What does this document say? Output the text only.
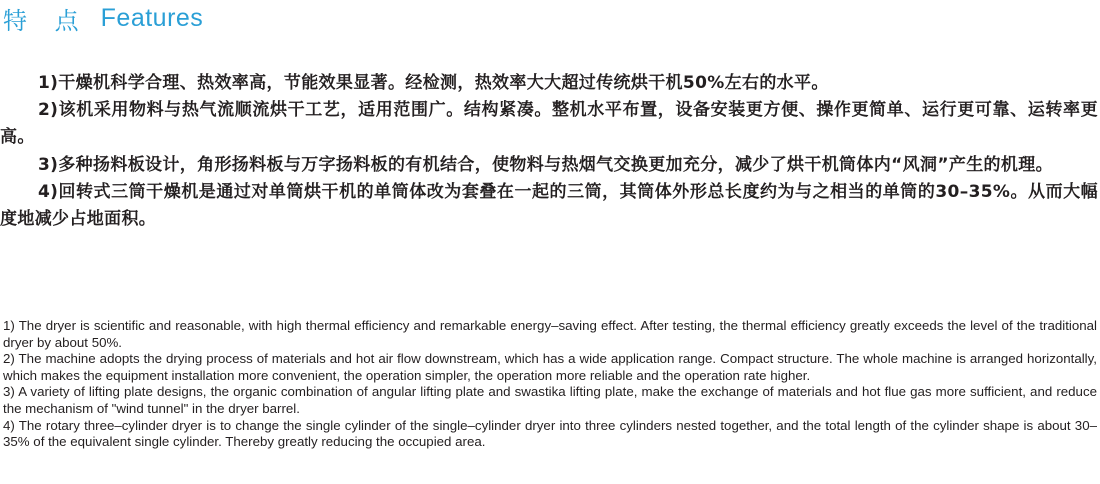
特 点 Features

1)干燥机科学合理、热效率高，节能效果显著。经检测，热效率大大超过传统烘干机50%左右的水平。

2)该机采用物料与热气流顺流烘干工艺，适用范围广。结构紧凑。整机水平布置，设备安装更方便、操作更简单、运行更可靠、运转率更高。

3)多种扬料板设计，角形扬料板与万字扬料板的有机结合，使物料与热烟气交换更加充分，减少了烘干机筒体内“风洞”产生的机理。

4)回转式三筒干燥机是通过对单筒烘干机的单筒体改为套叠在一起的三筒，其筒体外形总长度约为与之相当的单筒的30–35%。从而大幅度地减少占地面积。

1) The dryer is scientific and reasonable, with high thermal efficiency and remarkable energy–saving effect. After testing, the thermal efficiency greatly exceeds the level of the traditional dryer by about 50%.

2) The machine adopts the drying process of materials and hot air flow downstream, which has a wide application range. Compact structure. The whole machine is arranged horizontally, which makes the equipment installation more convenient, the operation simpler, the operation more reliable and the operation rate higher.

3) A variety of lifting plate designs, the organic combination of angular lifting plate and swastika lifting plate, make the exchange of materials and hot flue gas more sufficient, and reduce the mechanism of "wind tunnel" in the dryer barrel.

4) The rotary three–cylinder dryer is to change the single cylinder of the single–cylinder dryer into three cylinders nested together, and the total length of the cylinder shape is about 30–35% of the equivalent single cylinder. Thereby greatly reducing the occupied area.
